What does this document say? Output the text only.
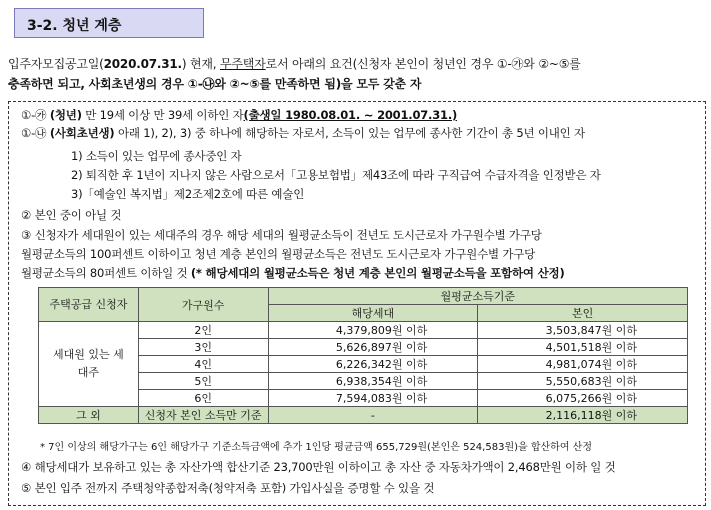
3-2. 청년 계층
입주자모집공고일(2020.07.31.) 현재, 무주택자로서 아래의 요건(신청자 본인이 청년인 경우 ①-㉮와 ②~⑤를
충족하면 되고, 사회초년생의 경우 ①-㉯와 ②~⑤를 만족하면 됨)을 모두 갖춘 자
①-㉮ (청년) 만 19세 이상 만 39세 이하인 자(출생일 1980.08.01. ~ 2001.07.31.)
①-㉯ (사회초년생) 아래 1), 2), 3) 중 하나에 해당하는 자로서, 소득이 있는 업무에 종사한 기간이 총 5년 이내인 자
1) 소득이 있는 업무에 종사중인 자
2) 퇴직한 후 1년이 지나지 않은 사람으로서「고용보험법」제43조에 따라 구직급여 수급자격을 인정받은 자
3)「예술인 복지법」제2조제2호에 따른 예술인
② 본인 중이 아닐 것
③ 신청자가 세대원이 있는 세대주의 경우 해당 세대의 월평균소득이 전년도 도시근로자 가구원수별 가구당
월평균소득의 100퍼센트 이하이고 청년 계층 본인의 월평균소득은 전년도 도시근로자 가구원수별 가구당
월평균소득의 80퍼센트 이하일 것 (* 해당세대의 월평균소득은 청년 계층 본인의 월평균소득을 포함하여 산정)
④ 해당세대가 보유하고 있는 총 자산가액 합산기준 23,700만원 이하이고 총 자산 중 자동차가액이 2,468만원 이하 일 것
⑤ 본인 입주 전까지 주택청약종합저축(청약저축 포함) 가입사실을 증명할 수 있을 것
주택공급 신청자	가구원수	월평균소득기준	
		해당세대	본인
세대원 있는 세대주	2인	4,379,809원 이하	3,503,847원 이하
	3인	5,626,897원 이하	4,501,518원 이하
	4인	6,226,342원 이하	4,981,074원 이하
	5인	6,938,354원 이하	5,550,683원 이하
	6인	7,594,083원 이하	6,075,266원 이하
그 외	신청자 본인 소득만 기준	-	2,116,118원 이하
* 7인 이상의 해당가구는 6인 해당가구 기준소득금액에 추가 1인당 평균금액 655,729원(본인은 524,583원)을 합산하여 산정
